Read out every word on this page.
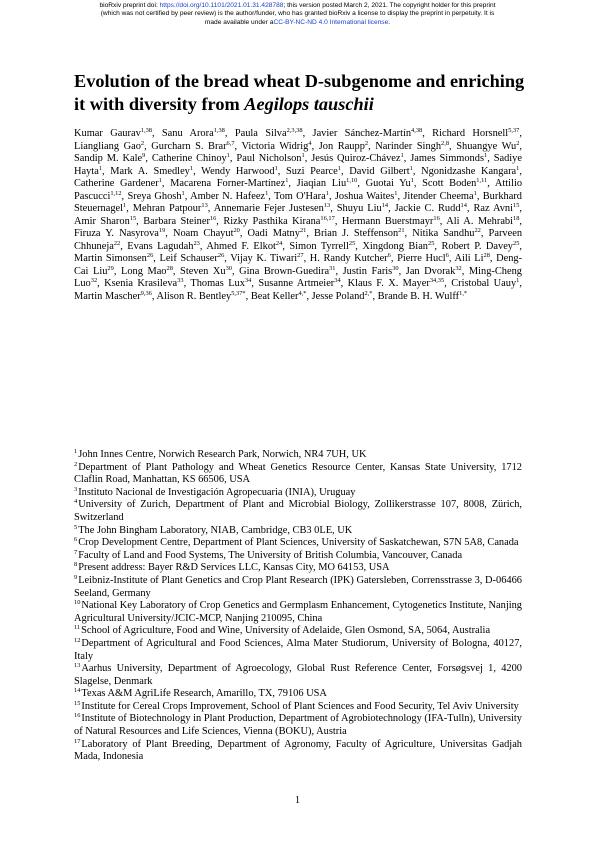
bioRxiv preprint doi: https://doi.org/10.1101/2021.01.31.428788; this version posted March 2, 2021. The copyright holder for this preprint
(which was not certified by peer review) is the author/funder, who has granted bioRxiv a license to display the preprint in perpetuity. It is
made available under aCC-BY-NC-ND 4.0 International license.
Evolution of the bread wheat D-subgenome and enriching it with diversity from Aegilops tauschii
Kumar Gaurav$^{1,38}$, Sanu Arora$^{1,38}$, Paula Silva$^{2,3,38}$, Javier Sánchez-Martín$^{4,38}$, Richard Horsnell$^{5,37}$, Liangliang Gao$^2$, Gurcharn S. Brar$^{6,7}$, Victoria Widrig$^4$, Jon Raupp$^2$, Narinder Singh$^{2,8}$, Shuangye Wu$^2$, Sandip M. Kale$^9$, Catherine Chinoy$^1$, Paul Nicholson$^1$, Jesús Quiroz-Chávez$^1$, James Simmonds$^1$, Sadiye Hayta$^1$, Mark A. Smedley$^1$, Wendy Harwood$^1$, Suzi Pearce$^1$, David Gilbert$^1$, Ngonidzashe Kangara$^1$, Catherine Gardener$^1$, Macarena Forner-Martínez$^1$, Jiaqian Liu$^{1,10}$, Guotai Yu$^1$, Scott Boden$^{1,11}$, Attilio Pascucci$^{1,12}$, Sreya Ghosh$^1$, Amber N. Hafeez$^1$, Tom O'Hara$^1$, Joshua Waites$^1$, Jitender Cheema$^1$, Burkhard Steuernagel$^1$, Mehran Patpour$^{13}$, Annemarie Fejer Justesen$^{13}$, Shuyu Liu$^{14}$, Jackie C. Rudd$^{14}$, Raz Avni$^{15}$, Amir Sharon$^{15}$, Barbara Steiner$^{16}$, Rizky Pasthika Kirana$^{16,17}$, Hermann Buerstmayr$^{16}$, Ali A. Mehrabi$^{18}$, Firuza Y. Nasyrova$^{19}$, Noam Chayut$^{20}$, Oadi Matny$^{21}$, Brian J. Steffenson$^{21}$, Nitika Sandhu$^{22}$, Parveen Chhuneja$^{22}$, Evans Lagudah$^{23}$, Ahmed F. Elkot$^{24}$, Simon Tyrrell$^{25}$, Xingdong Bian$^{25}$, Robert P. Davey$^{25}$, Martin Simonsen$^{26}$, Leif Schauser$^{26}$, Vijay K. Tiwari$^{27}$, H. Randy Kutcher$^6$, Pierre Hucl$^6$, Aili Li$^{28}$, Deng-Cai Liu$^{29}$, Long Mao$^{28}$, Steven Xu$^{30}$, Gina Brown-Guedira$^{31}$, Justin Faris$^{30}$, Jan Dvorak$^{32}$, Ming-Cheng Luo$^{32}$, Ksenia Krasileva$^{33}$, Thomas Lux$^{34}$, Susanne Artmeier$^{34}$, Klaus F. X. Mayer$^{34,35}$, Cristobal Uauy$^1$, Martin Mascher$^{9,36}$, Alison R. Bentley$^{5,37*}$, Beat Keller$^{4,*}$, Jesse Poland$^{2,*}$, Brande B. H. Wulff$^{1,*}$
$^1$John Innes Centre, Norwich Research Park, Norwich, NR4 7UH, UK
$^2$Department of Plant Pathology and Wheat Genetics Resource Center, Kansas State University, 1712 Claflin Road, Manhattan, KS 66506, USA
$^3$Instituto Nacional de Investigación Agropecuaria (INIA), Uruguay
$^4$University of Zurich, Department of Plant and Microbial Biology, Zollikerstrasse 107, 8008, Zürich, Switzerland
$^5$The John Bingham Laboratory, NIAB, Cambridge, CB3 0LE, UK
$^6$Crop Development Centre, Department of Plant Sciences, University of Saskatchewan, S7N 5A8, Canada
$^7$Faculty of Land and Food Systems, The University of British Columbia, Vancouver, Canada
$^8$Present address: Bayer R&D Services LLC, Kansas City, MO 64153, USA
$^9$Leibniz-Institute of Plant Genetics and Crop Plant Research (IPK) Gatersleben, Corrensstrasse 3, D-06466 Seeland, Germany
$^{10}$National Key Laboratory of Crop Genetics and Germplasm Enhancement, Cytogenetics Institute, Nanjing Agricultural University/JCIC-MCP, Nanjing 210095, China
$^{11}$School of Agriculture, Food and Wine, University of Adelaide, Glen Osmond, SA, 5064, Australia
$^{12}$Department of Agricultural and Food Sciences, Alma Mater Studiorum, University of Bologna, 40127, Italy
$^{13}$Aarhus University, Department of Agroecology, Global Rust Reference Center, Forsøgsvej 1, 4200 Slagelse, Denmark
$^{14}$Texas A&M AgriLife Research, Amarillo, TX, 79106 USA
$^{15}$Institute for Cereal Crops Improvement, School of Plant Sciences and Food Security, Tel Aviv University
$^{16}$Institute of Biotechnology in Plant Production, Department of Agrobiotechnology (IFA-Tulln), University of Natural Resources and Life Sciences, Vienna (BOKU), Austria
$^{17}$Laboratory of Plant Breeding, Department of Agronomy, Faculty of Agriculture, Universitas Gadjah Mada, Indonesia
1
